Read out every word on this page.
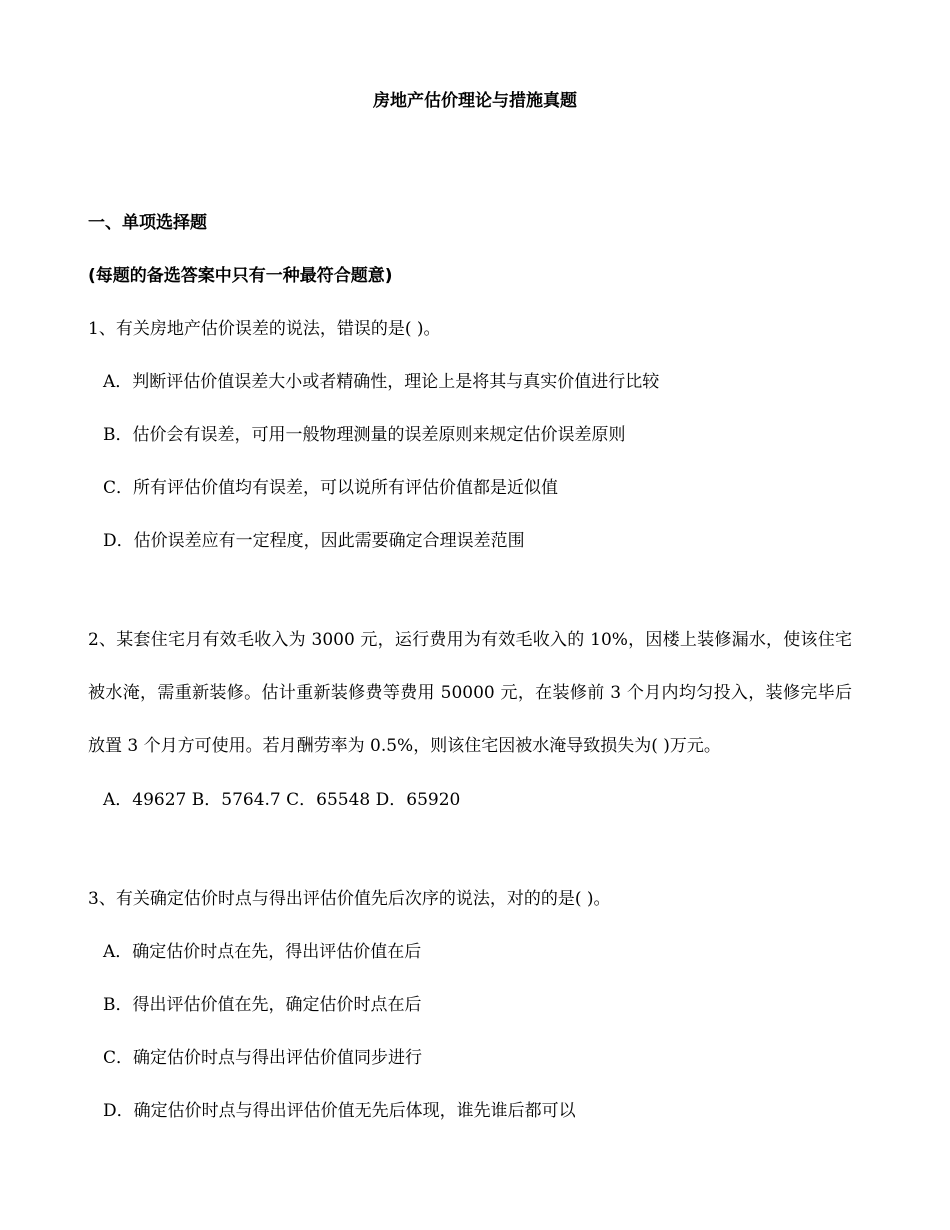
房地产估价理论与措施真题
一、单项选择题
(每题的备选答案中只有一种最符合题意)
1、有关房地产估价误差的说法，错误的是( )。
A．判断评估价值误差大小或者精确性，理论上是将其与真实价值进行比较
B．估价会有误差，可用一般物理测量的误差原则来规定估价误差原则
C．所有评估价值均有误差，可以说所有评估价值都是近似值
D．估价误差应有一定程度，因此需要确定合理误差范围
2、某套住宅月有效毛收入为 3000 元，运行费用为有效毛收入的 10%，因楼上装修漏水，使该住宅被水淹，需重新装修。估计重新装修费等费用 50000 元，在装修前 3 个月内均匀投入，装修完毕后放置 3 个月方可使用。若月酬劳率为 0.5%，则该住宅因被水淹导致损失为( )万元。
A．49627 B．5764.7 C．65548 D．65920
3、有关确定估价时点与得出评估价值先后次序的说法，对的的是( )。
A．确定估价时点在先，得出评估价值在后
B．得出评估价值在先，确定估价时点在后
C．确定估价时点与得出评估价值同步进行
D．确定估价时点与得出评估价值无先后体现，谁先谁后都可以
